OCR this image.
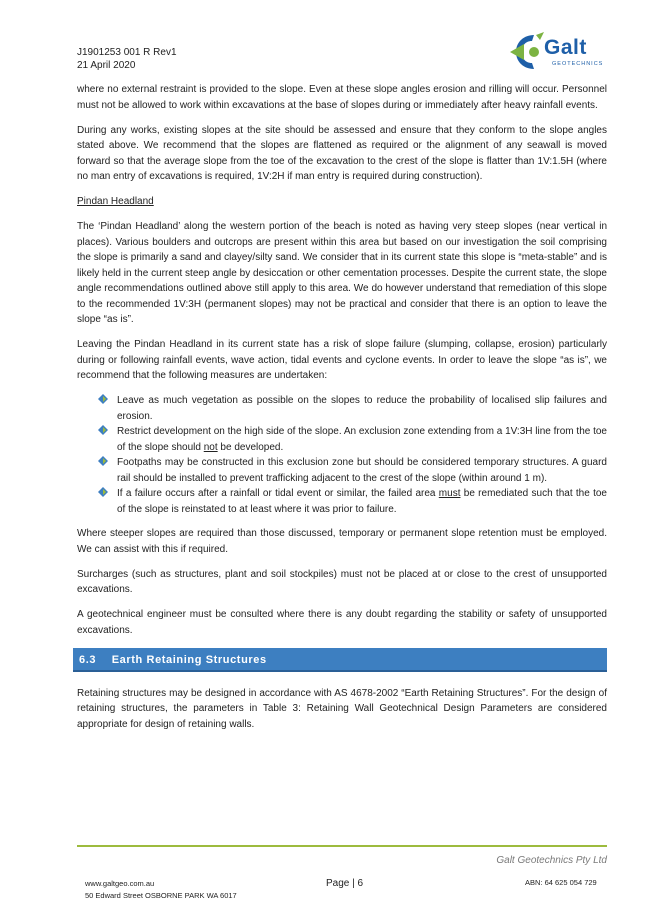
J1901253 001 R Rev1
21 April 2020
Galt
GEOTECHNICS

where no external restraint is provided to the slope. Even at these slope angles erosion and rilling will occur. Personnel must not be allowed to work within excavations at the base of slopes during or immediately after heavy rainfall events.

During any works, existing slopes at the site should be assessed and ensure that they conform to the slope angles stated above. We recommend that the slopes are flattened as required or the alignment of any seawall is moved forward so that the average slope from the toe of the excavation to the crest of the slope is flatter than 1V:1.5H (where no man entry of excavations is required, 1V:2H if man entry is required during construction).

Pindan Headland

The ‘Pindan Headland’ along the western portion of the beach is noted as having very steep slopes (near vertical in places). Various boulders and outcrops are present within this area but based on our investigation the soil comprising the slope is primarily a sand and clayey/silty sand. We consider that in its current state this slope is “meta-stable” and is likely held in the current steep angle by desiccation or other cementation processes. Despite the current state, the slope angle recommendations outlined above still apply to this area. We do however understand that remediation of this slope to the recommended 1V:3H (permanent slopes) may not be practical and consider that there is an option to leave the slope “as is”.

Leaving the Pindan Headland in its current state has a risk of slope failure (slumping, collapse, erosion) particularly during or following rainfall events, wave action, tidal events and cyclone events. In order to leave the slope “as is”, we recommend that the following measures are undertaken:

Leave as much vegetation as possible on the slopes to reduce the probability of localised slip failures and erosion.
Restrict development on the high side of the slope. An exclusion zone extending from a 1V:3H line from the toe of the slope should not be developed.
Footpaths may be constructed in this exclusion zone but should be considered temporary structures. A guard rail should be installed to prevent trafficking adjacent to the crest of the slope (within around 1 m).
If a failure occurs after a rainfall or tidal event or similar, the failed area must be remediated such that the toe of the slope is reinstated to at least where it was prior to failure.

Where steeper slopes are required than those discussed, temporary or permanent slope retention must be employed. We can assist with this if required.

Surcharges (such as structures, plant and soil stockpiles) must not be placed at or close to the crest of unsupported excavations.

A geotechnical engineer must be consulted where there is any doubt regarding the stability or safety of unsupported excavations.

6.3 Earth Retaining Structures

Retaining structures may be designed in accordance with AS 4678-2002 “Earth Retaining Structures”. For the design of retaining structures, the parameters in Table 3: Retaining Wall Geotechnical Design Parameters are considered appropriate for design of retaining walls.

Galt Geotechnics Pty Ltd
www.galtgeo.com.au
50 Edward Street OSBORNE PARK WA 6017
Page | 6	ABN: 64 625 054 729
